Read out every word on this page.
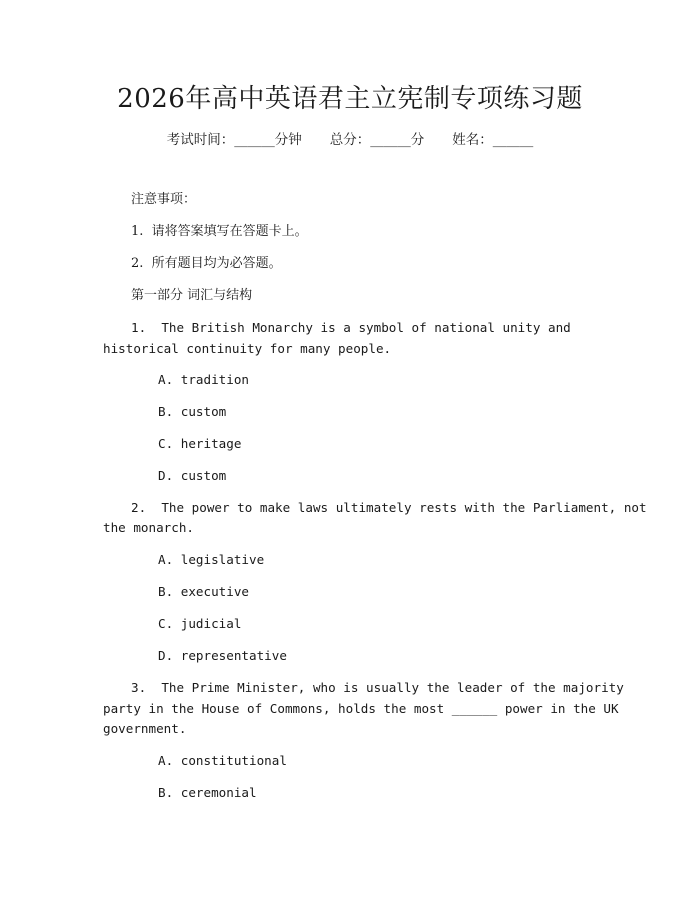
2026年高中英语君主立宪制专项练习题
考试时间：______分钟 总分：______分 姓名：______
注意事项：
1.  请将答案填写在答题卡上。
2.  所有题目均为必答题。
第一部分 词汇与结构
1.  The British Monarchy is a symbol of national unity and
historical continuity for many people.
A. tradition
B. custom
C. heritage
D. custom
2.  The power to make laws ultimately rests with the Parliament, not
the monarch.
A. legislative
B. executive
C. judicial
D. representative
3.  The Prime Minister, who is usually the leader of the majority
party in the House of Commons, holds the most ______ power in the UK
government.
A. constitutional
B. ceremonial
